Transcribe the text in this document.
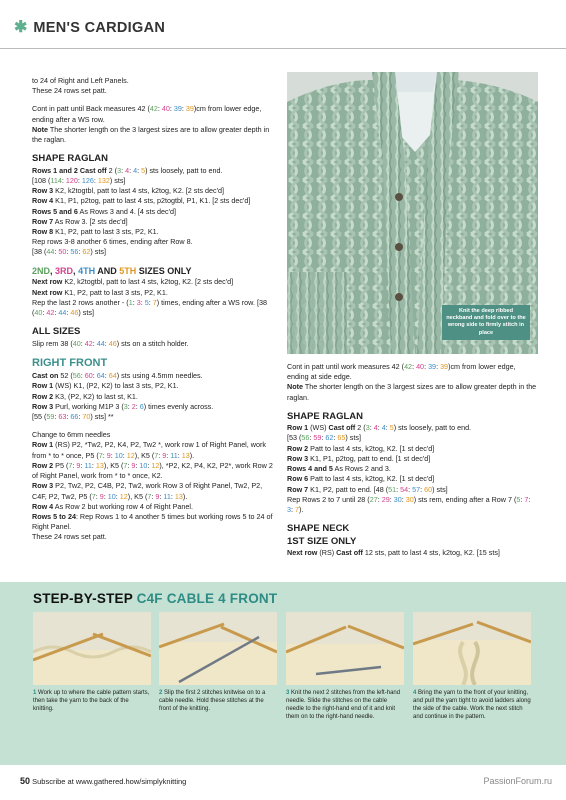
✱ MEN'S CARDIGAN

to 24 of Right and Left Panels.

These 24 rows set patt.

Cont in patt until Back measures 42 (42: 40: 39: 39)cm from lower edge, ending after a WS row.

Note The shorter length on the 3 largest sizes are to allow greater depth in the raglan.

SHAPE RAGLAN

Rows 1 and 2 Cast off 2 (3: 4: 4: 5) sts loosely, patt to end.

[108 (114: 120: 126: 132) sts]

Row 3 K2, k2togtbl, patt to last 4 sts, k2tog, K2. [2 sts dec'd]

Row 4 K1, P1, p2tog, patt to last 4 sts, p2togtbl, P1, K1. [2 sts dec'd]

Rows 5 and 6 As Rows 3 and 4. [4 sts dec'd]

Row 7 As Row 3. [2 sts dec'd]

Row 8 K1, P2, patt to last 3 sts, P2, K1.

Rep rows 3-8 another 6 times, ending after Row 8.

[38 (44: 50: 56: 62) sts]

2ND, 3RD, 4TH AND 5TH SIZES ONLY

Next row K2, k2togtbl, patt to last 4 sts, k2tog, K2. [2 sts dec'd]

Next row K1, P2, patt to last 3 sts, P2, K1.

Rep the last 2 rows another - (1: 3: 5: 7) times, ending after a WS row. [38 (40: 42: 44: 46) sts]

ALL SIZES

Slip rem 38 (40: 42: 44: 46) sts on a stitch holder.

RIGHT FRONT

Cast on 52 (56: 60: 64: 64) sts using 4.5mm needles.

Row 1 (WS) K1, (P2, K2) to last 3 sts, P2, K1.

Row 2 K3, (P2, K2) to last st, K1.

Row 3 Purl, working M1P 3 (3: 2: 6) times evenly across.

[55 (59: 63: 66: 70) sts] **

Change to 6mm needles

Row 1 (RS) P2, *Tw2, P2, K4, P2, Tw2 *, work row 1 of Right Panel, work from * to * once, P5 (7: 9: 10: 12), K5 (7: 9: 11: 13).

Row 2 P5 (7: 9: 11: 13), K5 (7: 9: 10: 12), *P2, K2, P4, K2, P2*, work Row 2 of Right Panel, work from * to * once, K2.

Row 3 P2, Tw2, P2, C4B, P2, Tw2, work Row 3 of Right Panel, Tw2, P2, C4F, P2, Tw2, P5 (7: 9: 10: 12), K5 (7: 9: 11: 13).

Row 4 As Row 2 but working row 4 of Right Panel.

Rows 5 to 24: Rep Rows 1 to 4 another 5 times but working rows 5 to 24 of Right Panel.

These 24 rows set patt.

Knit the deep ribbed neckband and fold over to the wrong side to firmly stitch in place

Cont in patt until work measures 42 (42: 40: 39: 39)cm from lower edge, ending at side edge.

Note The shorter length on the 3 largest sizes are to allow greater depth in the raglan.

SHAPE RAGLAN

Row 1 (WS) Cast off 2 (3: 4: 4: 5) sts loosely, patt to end.

[53 (56: 59: 62: 65) sts]

Row 2 Patt to last 4 sts, k2tog, K2. [1 st dec'd]

Row 3 K1, P1, p2tog, patt to end. [1 st dec'd]

Rows 4 and 5 As Rows 2 and 3.

Row 6 Patt to last 4 sts, k2tog, K2. [1 st dec'd]

Row 7 K1, P2, patt to end. [48 (51: 54: 57: 60) sts]

Rep Rows 2 to 7 until 28 (27: 29: 30: 30) sts rem, ending after a Row 7 (5: 7: 3: 7).

SHAPE NECK
1ST SIZE ONLY

Next row (RS) Cast off 12 sts, patt to last 4 sts, k2tog, K2. [15 sts]

STEP-BY-STEP C4F CABLE 4 FRONT
1 Work up to where the cable pattern starts, then take the yarn to the back of the knitting.
2 Slip the first 2 stitches knitwise on to a cable needle. Hold these stitches at the front of the knitting.
3 Knit the next 2 stitches from the left-hand needle. Slide the stitches on the cable needle to the right-hand end of it and knit them on to the right-hand needle.
4 Bring the yarn to the front of your knitting, and pull the yarn tight to avoid ladders along the side of the cable. Work the next stitch and continue in the pattern.
50 Subscribe at www.gathered.how/simplyknitting	PassionForum.ru
